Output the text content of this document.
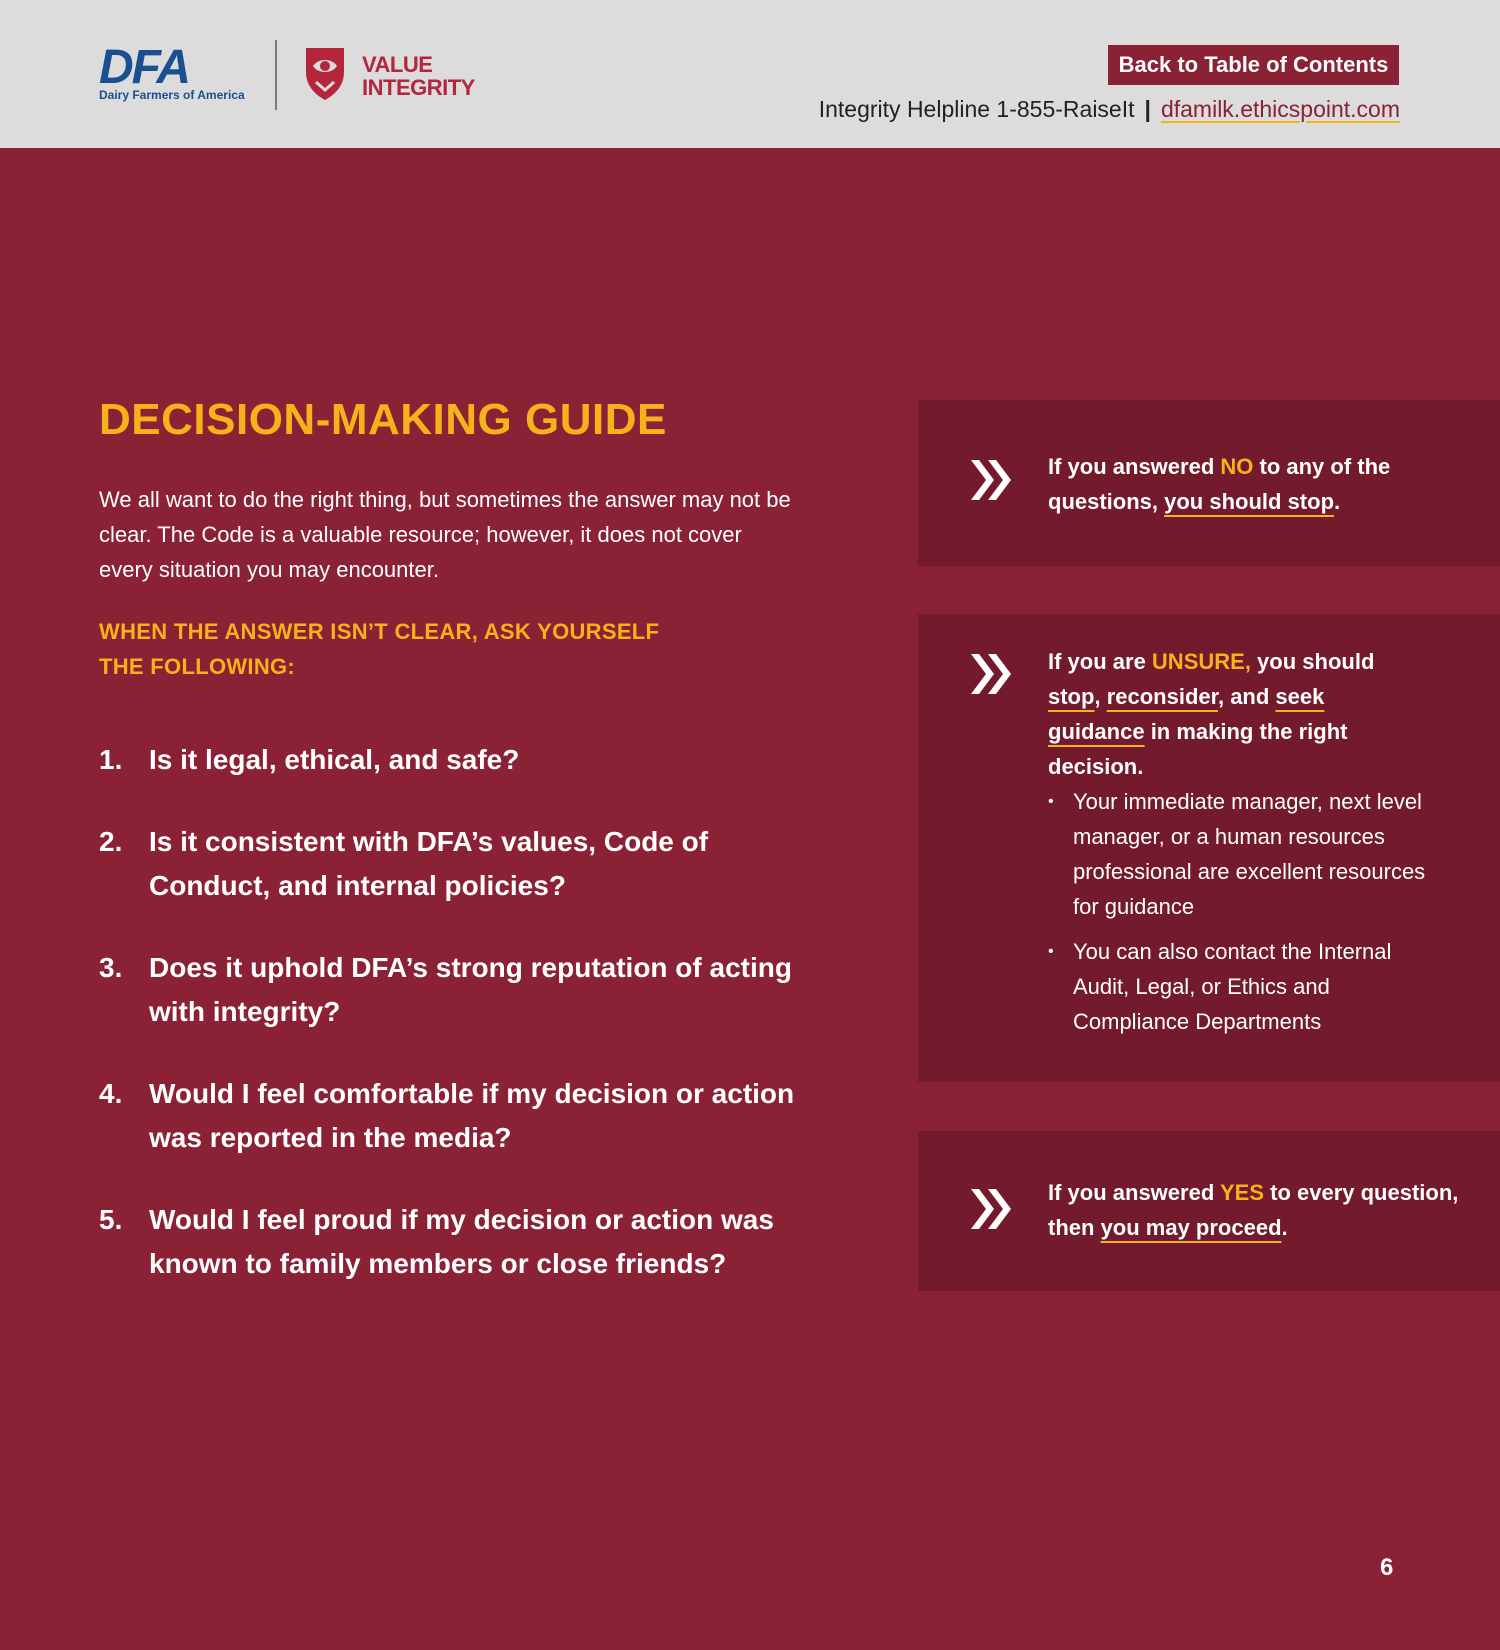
DFA
Dairy Farmers of America
VALUE
INTEGRITY
Back to Table of Contents
Integrity Helpline 1-855-RaiseIt | dfamilk.ethicspoint.com
DECISION-MAKING GUIDE

We all want to do the right thing, but sometimes the answer may not be clear. The Code is a valuable resource; however, it does not cover every situation you may encounter.

WHEN THE ANSWER ISN’T CLEAR, ASK YOURSELF THE FOLLOWING:

1. Is it legal, ethical, and safe?
2. Is it consistent with DFA’s values, Code of Conduct, and internal policies?
3. Does it uphold DFA’s strong reputation of acting with integrity?
4. Would I feel comfortable if my decision or action was reported in the media?
5. Would I feel proud if my decision or action was known to family members or close friends?

If you answered NO to any of the questions, you should stop.

If you are UNSURE, you should stop, reconsider, and seek guidance in making the right decision.

• Your immediate manager, next level manager, or a human resources professional are excellent resources for guidance
• You can also contact the Internal Audit, Legal, or Ethics and Compliance Departments

If you answered YES to every question, then you may proceed.

6
